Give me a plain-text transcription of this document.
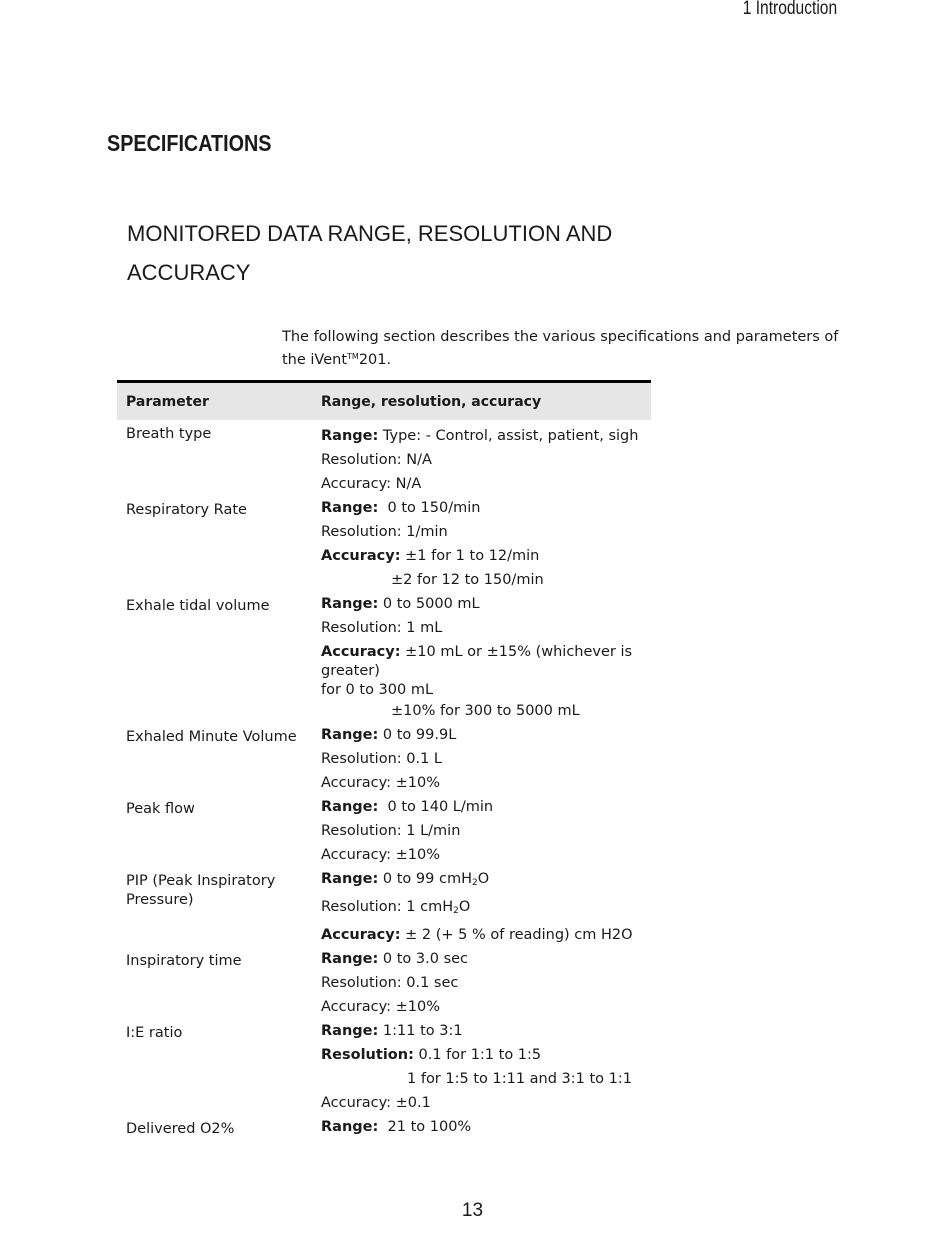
1 Introduction
SPECIFICATIONS
MONITORED DATA RANGE, RESOLUTION AND ACCURACY

The following section describes the various specifications and parameters of the iVent™201.

Parameter	Range, resolution, accuracy
Breath type	Range: Type: - Control, assist, patient, sigh
Resolution: N/A
Accuracy: N/A

Respiratory Rate	Range:  0 to 150/min
Resolution: 1/min
Accuracy: ±1 for 1 to 12/min
±2 for 12 to 150/min

Exhale tidal volume	Range: 0 to 5000 mL
Resolution: 1 mL
Accuracy: ±10 mL or ±15% (whichever is greater)
for 0 to 300 mL
±10% for 300 to 5000 mL

Exhaled Minute Volume	Range: 0 to 99.9L
Resolution: 0.1 L
Accuracy: ±10%

Peak flow	Range:  0 to 140 L/min
Resolution: 1 L/min
Accuracy: ±10%

PIP (Peak Inspiratory Pressure)	Range: 0 to 99 cmH$_2$O
Resolution: 1 cmH$_2$O
Accuracy: ± 2 (+ 5 % of reading) cm H2O

Inspiratory time	Range: 0 to 3.0 sec
Resolution: 0.1 sec
Accuracy: ±10%

I:E ratio	Range: 1:11 to 3:1
Resolution: 0.1 for 1:1 to 1:5
1 for 1:5 to 1:11 and 3:1 to 1:1
Accuracy: ±0.1

Delivered O2%	Range:  21 to 100%
13
